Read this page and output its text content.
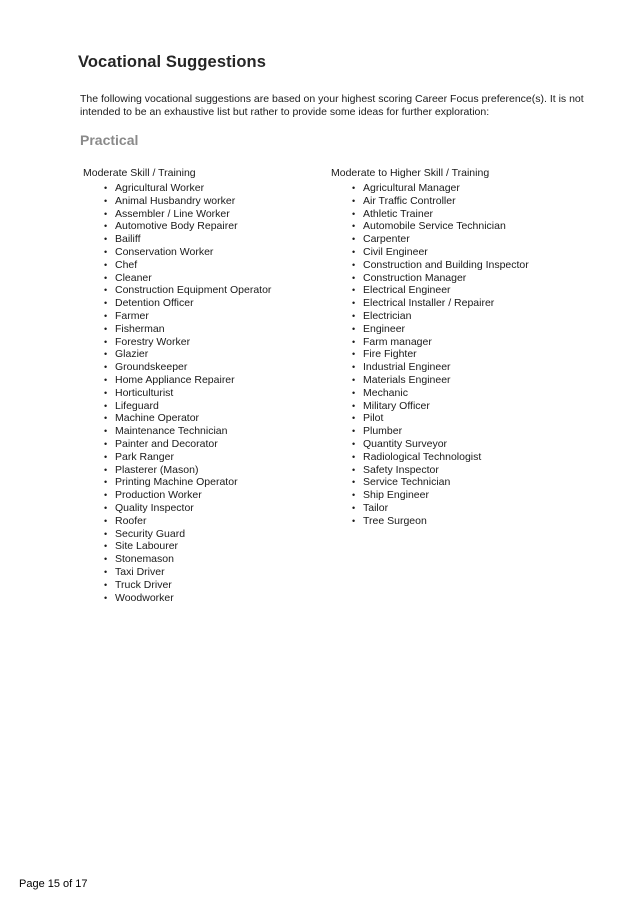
Vocational Suggestions
The following vocational suggestions are based on your highest scoring Career Focus preference(s). It is not intended to be an exhaustive list but rather to provide some ideas for further exploration:
Practical
Moderate Skill / Training
• Agricultural Worker
• Animal Husbandry worker
• Assembler / Line Worker
• Automotive Body Repairer
• Bailiff
• Conservation Worker
• Chef
• Cleaner
• Construction Equipment Operator
• Detention Officer
• Farmer
• Fisherman
• Forestry Worker
• Glazier
• Groundskeeper
• Home Appliance Repairer
• Horticulturist
• Lifeguard
• Machine Operator
• Maintenance Technician
• Painter and Decorator
• Park Ranger
• Plasterer (Mason)
• Printing Machine Operator
• Production Worker
• Quality Inspector
• Roofer
• Security Guard
• Site Labourer
• Stonemason
• Taxi Driver
• Truck Driver
• Woodworker
Moderate to Higher Skill / Training
• Agricultural Manager
• Air Traffic Controller
• Athletic Trainer
• Automobile Service Technician
• Carpenter
• Civil Engineer
• Construction and Building Inspector
• Construction Manager
• Electrical Engineer
• Electrical Installer / Repairer
• Electrician
• Engineer
• Farm manager
• Fire Fighter
• Industrial Engineer
• Materials Engineer
• Mechanic
• Military Officer
• Pilot
• Plumber
• Quantity Surveyor
• Radiological Technologist
• Safety Inspector
• Service Technician
• Ship Engineer
• Tailor
• Tree Surgeon
Page 15 of 17
